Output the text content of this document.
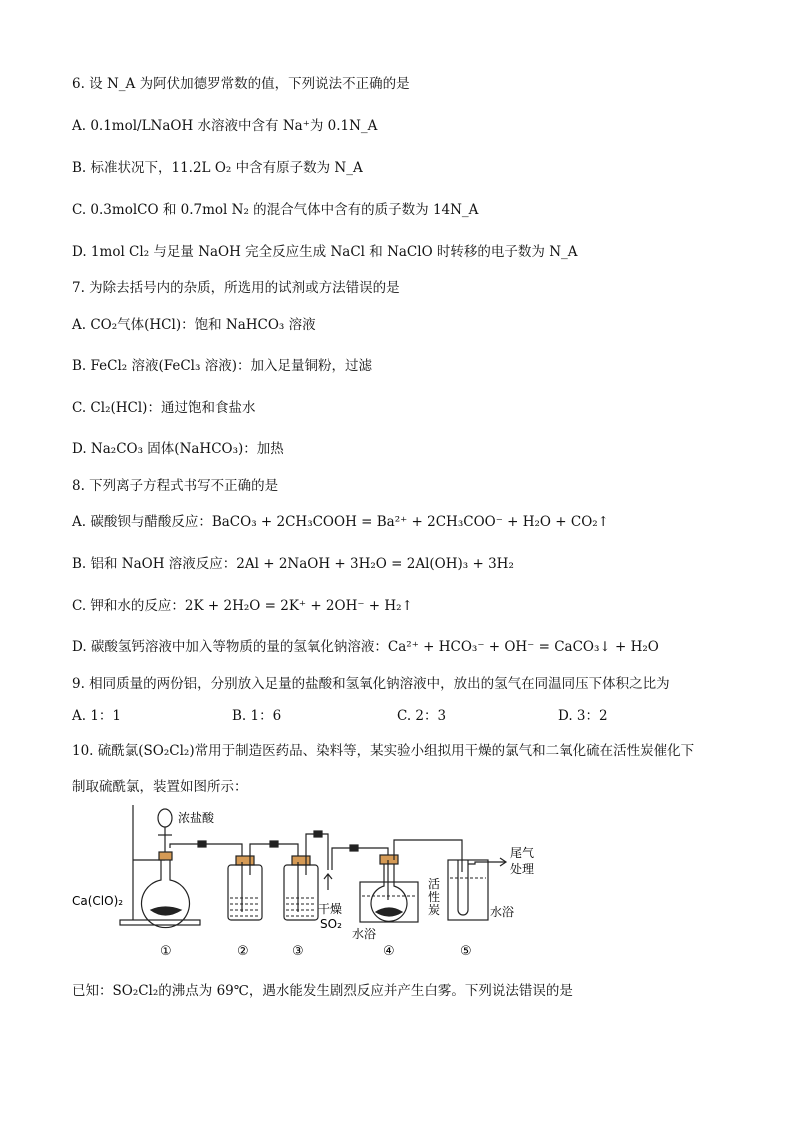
6. 设 N_A 为阿伏加德罗常数的值，下列说法不正确的是
A. 0.1mol/LNaOH 水溶液中含有 Na⁺为 0.1N_A
B. 标准状况下，11.2L O₂ 中含有原子数为 N_A
C. 0.3molCO 和 0.7mol N₂ 的混合气体中含有的质子数为 14N_A
D. 1mol Cl₂ 与足量 NaOH 完全反应生成 NaCl 和 NaClO 时转移的电子数为 N_A
7. 为除去括号内的杂质，所选用的试剂或方法错误的是
A. CO₂气体(HCl)：饱和 NaHCO₃ 溶液
B. FeCl₂ 溶液(FeCl₃ 溶液)：加入足量铜粉，过滤
C. Cl₂(HCl)：通过饱和食盐水
D. Na₂CO₃ 固体(NaHCO₃)：加热
8. 下列离子方程式书写不正确的是
A. 碳酸钡与醋酸反应：BaCO₃ + 2CH₃COOH = Ba²⁺ + 2CH₃COO⁻ + H₂O + CO₂↑
B. 铝和 NaOH 溶液反应：2Al + 2NaOH + 3H₂O = 2Al(OH)₃ + 3H₂
C. 钾和水的反应：2K + 2H₂O = 2K⁺ + 2OH⁻ + H₂↑
D. 碳酸氢钙溶液中加入等物质的量的氢氧化钠溶液：Ca²⁺ + HCO₃⁻ + OH⁻ = CaCO₃↓ + H₂O
9. 相同质量的两份铝，分别放入足量的盐酸和氢氧化钠溶液中，放出的氢气在同温同压下体积之比为
A. 1：1	B. 1：6	C. 2：3	D. 3：2
10. 硫酰氯(SO₂Cl₂)常用于制造医药品、染料等，某实验小组拟用干燥的氯气和二氧化硫在活性炭催化下
制取硫酰氯，装置如图所示：
浓盐酸
Ca(ClO)₂
干燥
SO₂
活
性
炭
水浴
水浴
尾气
处理
①	②	③	④	⑤
已知：SO₂Cl₂的沸点为 69℃，遇水能发生剧烈反应并产生白雾。下列说法错误的是
